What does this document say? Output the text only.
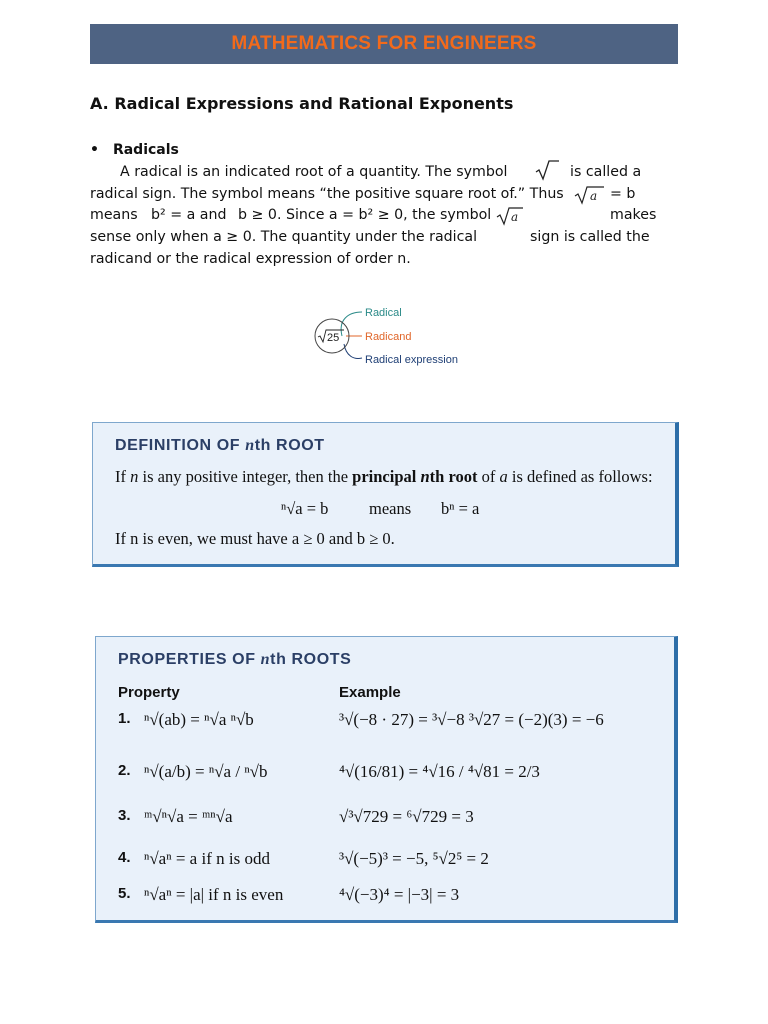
MATHEMATICS FOR ENGINEERS
A. Radical Expressions and Rational Exponents
• Radicals
A radical is an indicated root of a quantity. The symbol	is called a
radical sign. The symbol means “the positive square root of.” Thus a = b
means b² = a and b ≥ 0. Since a = b² ≥ 0, the symbol a	makes
sense only when a ≥ 0. The quantity under the radical	sign is called the
radicand or the radical expression of order n.
25
Radical
Radicand
Radical expression
DEFINITION OF nth ROOT
If n is any positive integer, then the principal nth root of a is defined as follows:
ⁿ√a = b means bⁿ = a
If n is even, we must have a ≥ 0 and b ≥ 0.
PROPERTIES OF nth ROOTS
Property	Example
1. ⁿ√(ab) = ⁿ√a ⁿ√b	³√(−8 · 27) = ³√−8 ³√27 = (−2)(3) = −6
2. ⁿ√(a/b) = ⁿ√a / ⁿ√b	⁴√(16/81) = ⁴√16 / ⁴√81 = 2/3
3. ᵐ√ⁿ√a = ᵐⁿ√a	√³√729 = ⁶√729 = 3
4. ⁿ√aⁿ = a if n is odd	³√(−5)³ = −5, ⁵√2⁵ = 2
5. ⁿ√aⁿ = |a| if n is even	⁴√(−3)⁴ = |−3| = 3
